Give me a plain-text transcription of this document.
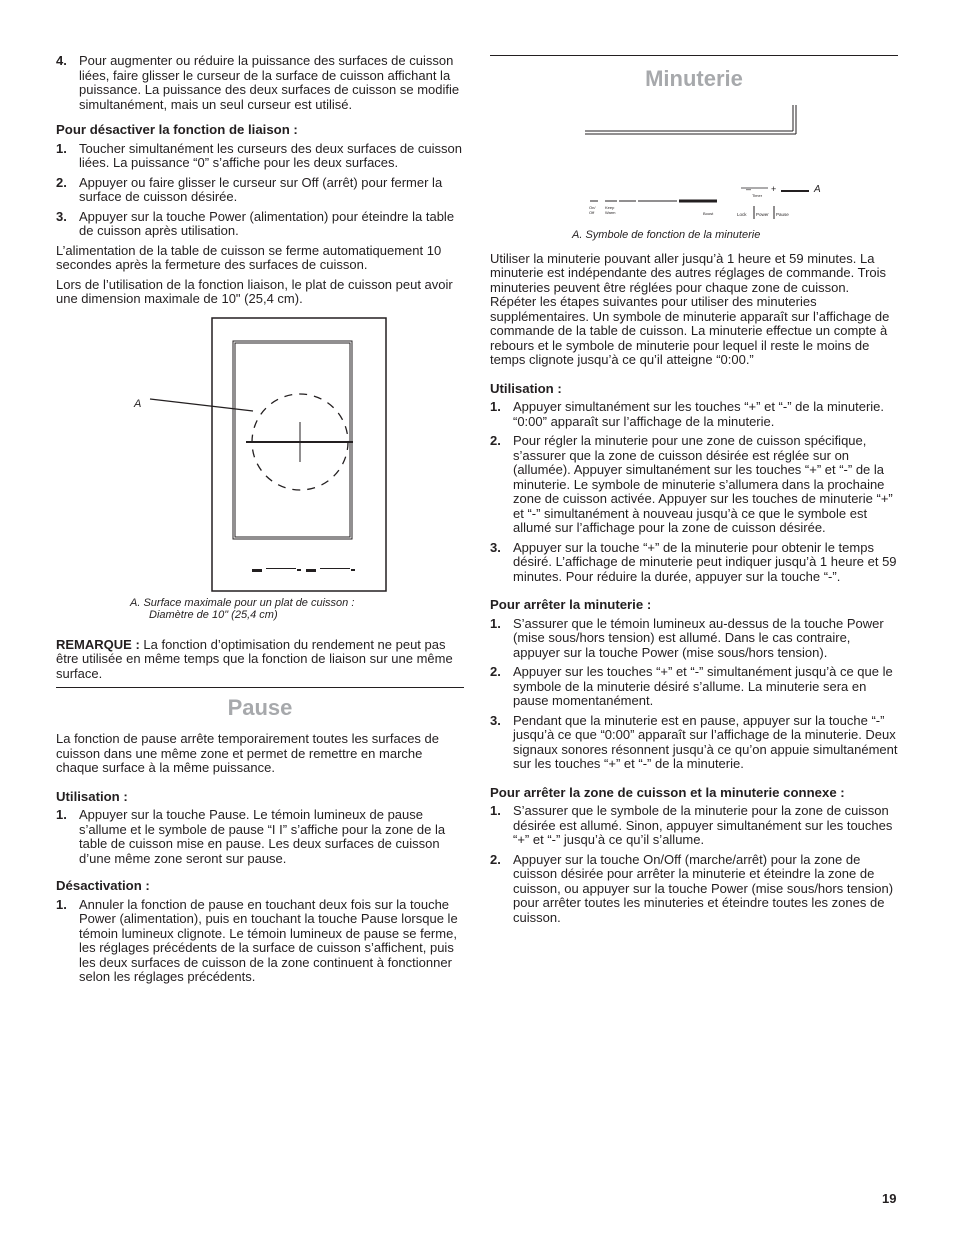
4. Pour augmenter ou réduire la puissance des surfaces de cuisson liées, faire glisser le curseur de la surface de cuisson affichant la puissance. La puissance des deux surfaces de cuisson se modifie simultanément, mais un seul curseur est utilisé.
Pour désactiver la fonction de liaison :
1. Toucher simultanément les curseurs des deux surfaces de cuisson liées. La puissance “0” s’affiche pour les deux surfaces.
2. Appuyer ou faire glisser le curseur sur Off (arrêt) pour fermer la surface de cuisson désirée.
3. Appuyer sur la touche Power (alimentation) pour éteindre la table de cuisson après utilisation.

L’alimentation de la table de cuisson se ferme automatiquement 10 secondes après la fermeture des surfaces de cuisson.

Lors de l’utilisation de la fonction liaison, le plat de cuisson peut avoir une dimension maximale de 10" (25,4 cm).

A
A. Surface maximale pour un plat de cuisson :
Diamètre de 10" (25,4 cm)

REMARQUE : La fonction d’optimisation du rendement ne peut pas être utilisée en même temps que la fonction de liaison sur une même surface.

Pause

La fonction de pause arrête temporairement toutes les surfaces de cuisson dans une même zone et permet de remettre en marche chaque surface à la même puissance.

Utilisation :
1. Appuyer sur la touche Pause. Le témoin lumineux de pause s’allume et le symbole de pause “I I” s’affiche pour la zone de la table de cuisson mise en pause. Les deux surfaces de cuisson d’une même zone seront sur pause.
Désactivation :
1. Annuler la fonction de pause en touchant deux fois sur la touche Power (alimentation), puis en touchant la touche Pause lorsque le témoin lumineux clignote. Le témoin lumineux de pause se ferme, les réglages précédents de la surface de cuisson s’affichent, puis les deux surfaces de cuisson de la zone continuent à fonctionner selon les réglages précédents.
Minuterie
– +
Timer
A
On/ Off
Keep Warm	Boost	Lock Power Pause
A. Symbole de fonction de la minuterie

Utiliser la minuterie pouvant aller jusqu’à 1 heure et 59 minutes. La minuterie est indépendante des autres réglages de commande. Trois minuteries peuvent être réglées pour chaque zone de cuisson. Répéter les étapes suivantes pour utiliser des minuteries supplémentaires. Un symbole de minuterie apparaît sur l’affichage de commande de la table de cuisson. La minuterie effectue un compte à rebours et le symbole de minuterie pour lequel il reste le moins de temps clignote jusqu’à ce qu’il atteigne “0:00.”

Utilisation :
1. Appuyer simultanément sur les touches “+” et “-” de la minuterie. “0:00” apparaît sur l’affichage de la minuterie.
2. Pour régler la minuterie pour une zone de cuisson spécifique, s’assurer que la zone de cuisson désirée est réglée sur on (allumée). Appuyer simultanément sur les touches “+” et “-” de la minuterie. Le symbole de minuterie s’allumera dans la prochaine zone de cuisson activée. Appuyer sur les touches de minuterie “+” et “-” simultanément à nouveau jusqu’à ce que le symbole est allumé sur l’affichage pour la zone de cuisson désirée.
3. Appuyer sur la touche “+” de la minuterie pour obtenir le temps désiré. L’affichage de minuterie peut indiquer jusqu’à 1 heure et 59 minutes. Pour réduire la durée, appuyer sur la touche “-”.
Pour arrêter la minuterie :
1. S’assurer que le témoin lumineux au-dessus de la touche Power (mise sous/hors tension) est allumé. Dans le cas contraire, appuyer sur la touche Power (mise sous/hors tension).
2. Appuyer sur les touches “+” et “-” simultanément jusqu’à ce que le symbole de la minuterie désiré s’allume. La minuterie sera en pause momentanément.
3. Pendant que la minuterie est en pause, appuyer sur la touche “-” jusqu’à ce que “0:00” apparaît sur l’affichage de la minuterie. Deux signaux sonores résonnent jusqu’à ce qu’on appuie simultanément sur les touches “+” et “-” de la minuterie.
Pour arrêter la zone de cuisson et la minuterie connexe :
1. S’assurer que le symbole de la minuterie pour la zone de cuisson désirée est allumé. Sinon, appuyer simultanément sur les touches “+” et “-” jusqu’à ce qu’il s’allume.
2. Appuyer sur la touche On/Off (marche/arrêt) pour la zone de cuisson désirée pour arrêter la minuterie et éteindre la zone de cuisson, ou appuyer sur la touche Power (mise sous/hors tension) pour arrêter toutes les minuteries et éteindre toutes les zones de cuisson.
19
